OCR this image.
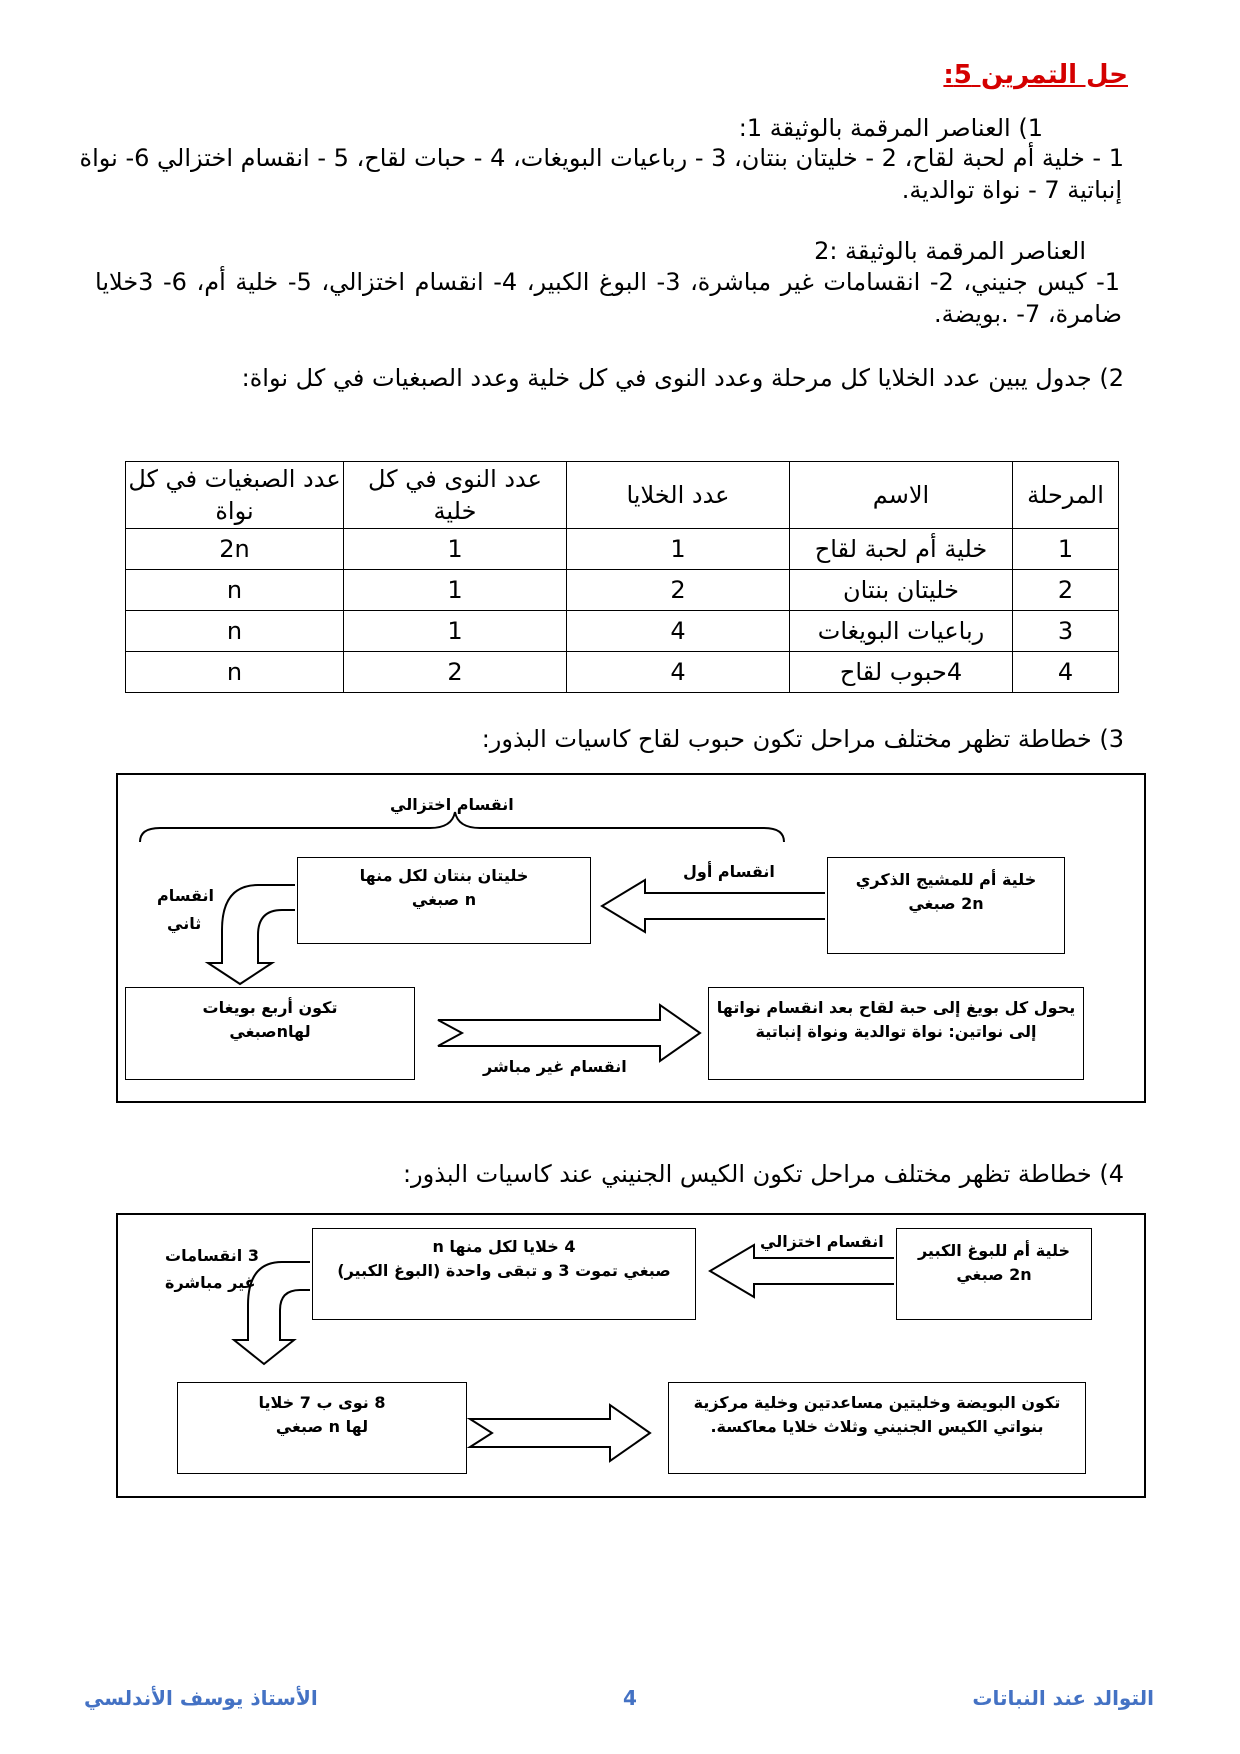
حل التمرين 5:
1) العناصر المرقمة بالوثيقة 1:
1 - خلية أم لحبة لقاح، 2 - خليتان بنتان، 3 - رباعيات البويغات، 4 - حبات لقاح، 5 - انقسام اختزالي 6- نواة
إنباتية 7 - نواة توالدية.
العناصر المرقمة بالوثيقة :2
1- كيس جنيني، 2- انقسامات غير مباشرة، 3- البوغ الكبير، 4- انقسام اختزالي، 5- خلية أم، 6- 3خلايا
ضامرة، 7- .بويضة.
2) جدول يبين عدد الخلايا كل مرحلة وعدد النوى في كل خلية وعدد الصبغيات في كل نواة:
المرحلة	الاسم	عدد الخلايا	عدد النوى في كل خلية	عدد الصبغيات في كل نواة
1	خلية أم لحبة لقاح	1	1	2n
2	خليتان بنتان	2	1	n
3	رباعيات البويغات	4	1	n
4	4حبوب لقاح	4	2	n
3) خطاطة تظهر مختلف مراحل تكون حبوب لقاح كاسيات البذور:
انقسام اختزالي
خلية أم للمشيج الذكري
2n صبغي
انقسام أول
خليتان بنتان لكل منها
n صبغي
انقسام
ثاني
تكون أربع بويغات
لهاnصبغي
يحول كل بويغ إلى حبة لقاح بعد انقسام نواتها
إلى نواتين: نواة توالدية ونواة إنباتية
انقسام غير مباشر
4) خطاطة تظهر مختلف مراحل تكون الكيس الجنيني عند كاسيات البذور:
خلية أم للبوغ الكبير
2n صبغي
انقسام اختزالي
4 خلايا لكل منها n
صبغي تموت 3 و تبقى واحدة (البوغ الكبير)
3 انقسامات
غير مباشرة
8 نوى ب 7 خلايا
لها n صبغي
تكون البويضة وخليتين مساعدتين وخلية مركزية
بنواتي الكيس الجنيني وثلاث خلايا معاكسة.
التوالد عند النباتات
4
الأستاذ يوسف الأندلسي
